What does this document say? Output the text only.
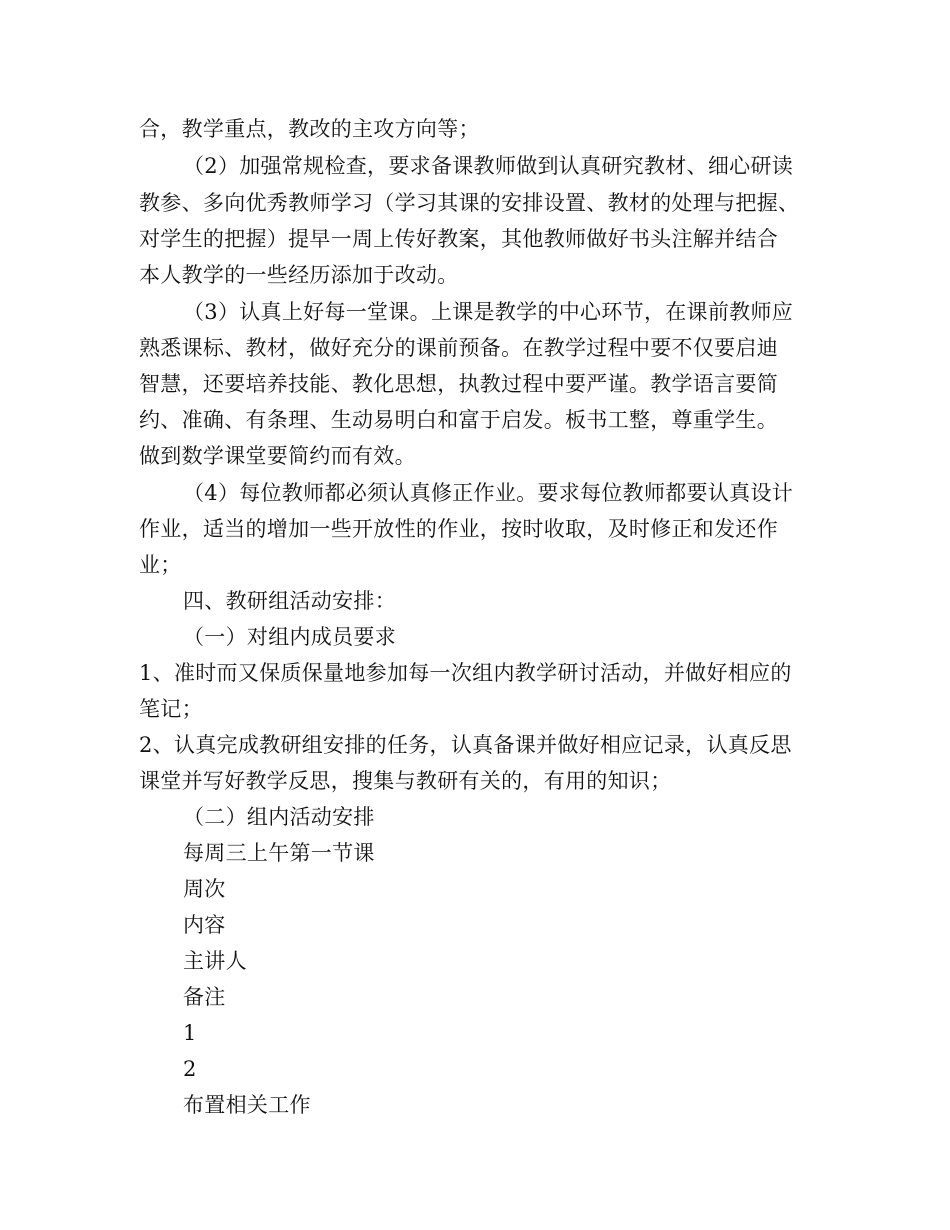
合，教学重点，教改的主攻方向等；
（2）加强常规检查，要求备课教师做到认真研究教材、细心研读
教参、多向优秀教师学习（学习其课的安排设置、教材的处理与把握、
对学生的把握）提早一周上传好教案，其他教师做好书头注解并结合
本人教学的一些经历添加于改动。
（3）认真上好每一堂课。上课是教学的中心环节，在课前教师应
熟悉课标、教材，做好充分的课前预备。在教学过程中要不仅要启迪
智慧，还要培养技能、教化思想，执教过程中要严谨。教学语言要简
约、准确、有条理、生动易明白和富于启发。板书工整，尊重学生。
做到数学课堂要简约而有效。
（4）每位教师都必须认真修正作业。要求每位教师都要认真设计
作业，适当的增加一些开放性的作业，按时收取，及时修正和发还作
业；
四、教研组活动安排：
（一）对组内成员要求
1、准时而又保质保量地参加每一次组内教学研讨活动，并做好相应的
笔记；
2、认真完成教研组安排的任务，认真备课并做好相应记录，认真反思
课堂并写好教学反思，搜集与教研有关的，有用的知识；
（二）组内活动安排
每周三上午第一节课
周次
内容
主讲人
备注
1
2
布置相关工作
